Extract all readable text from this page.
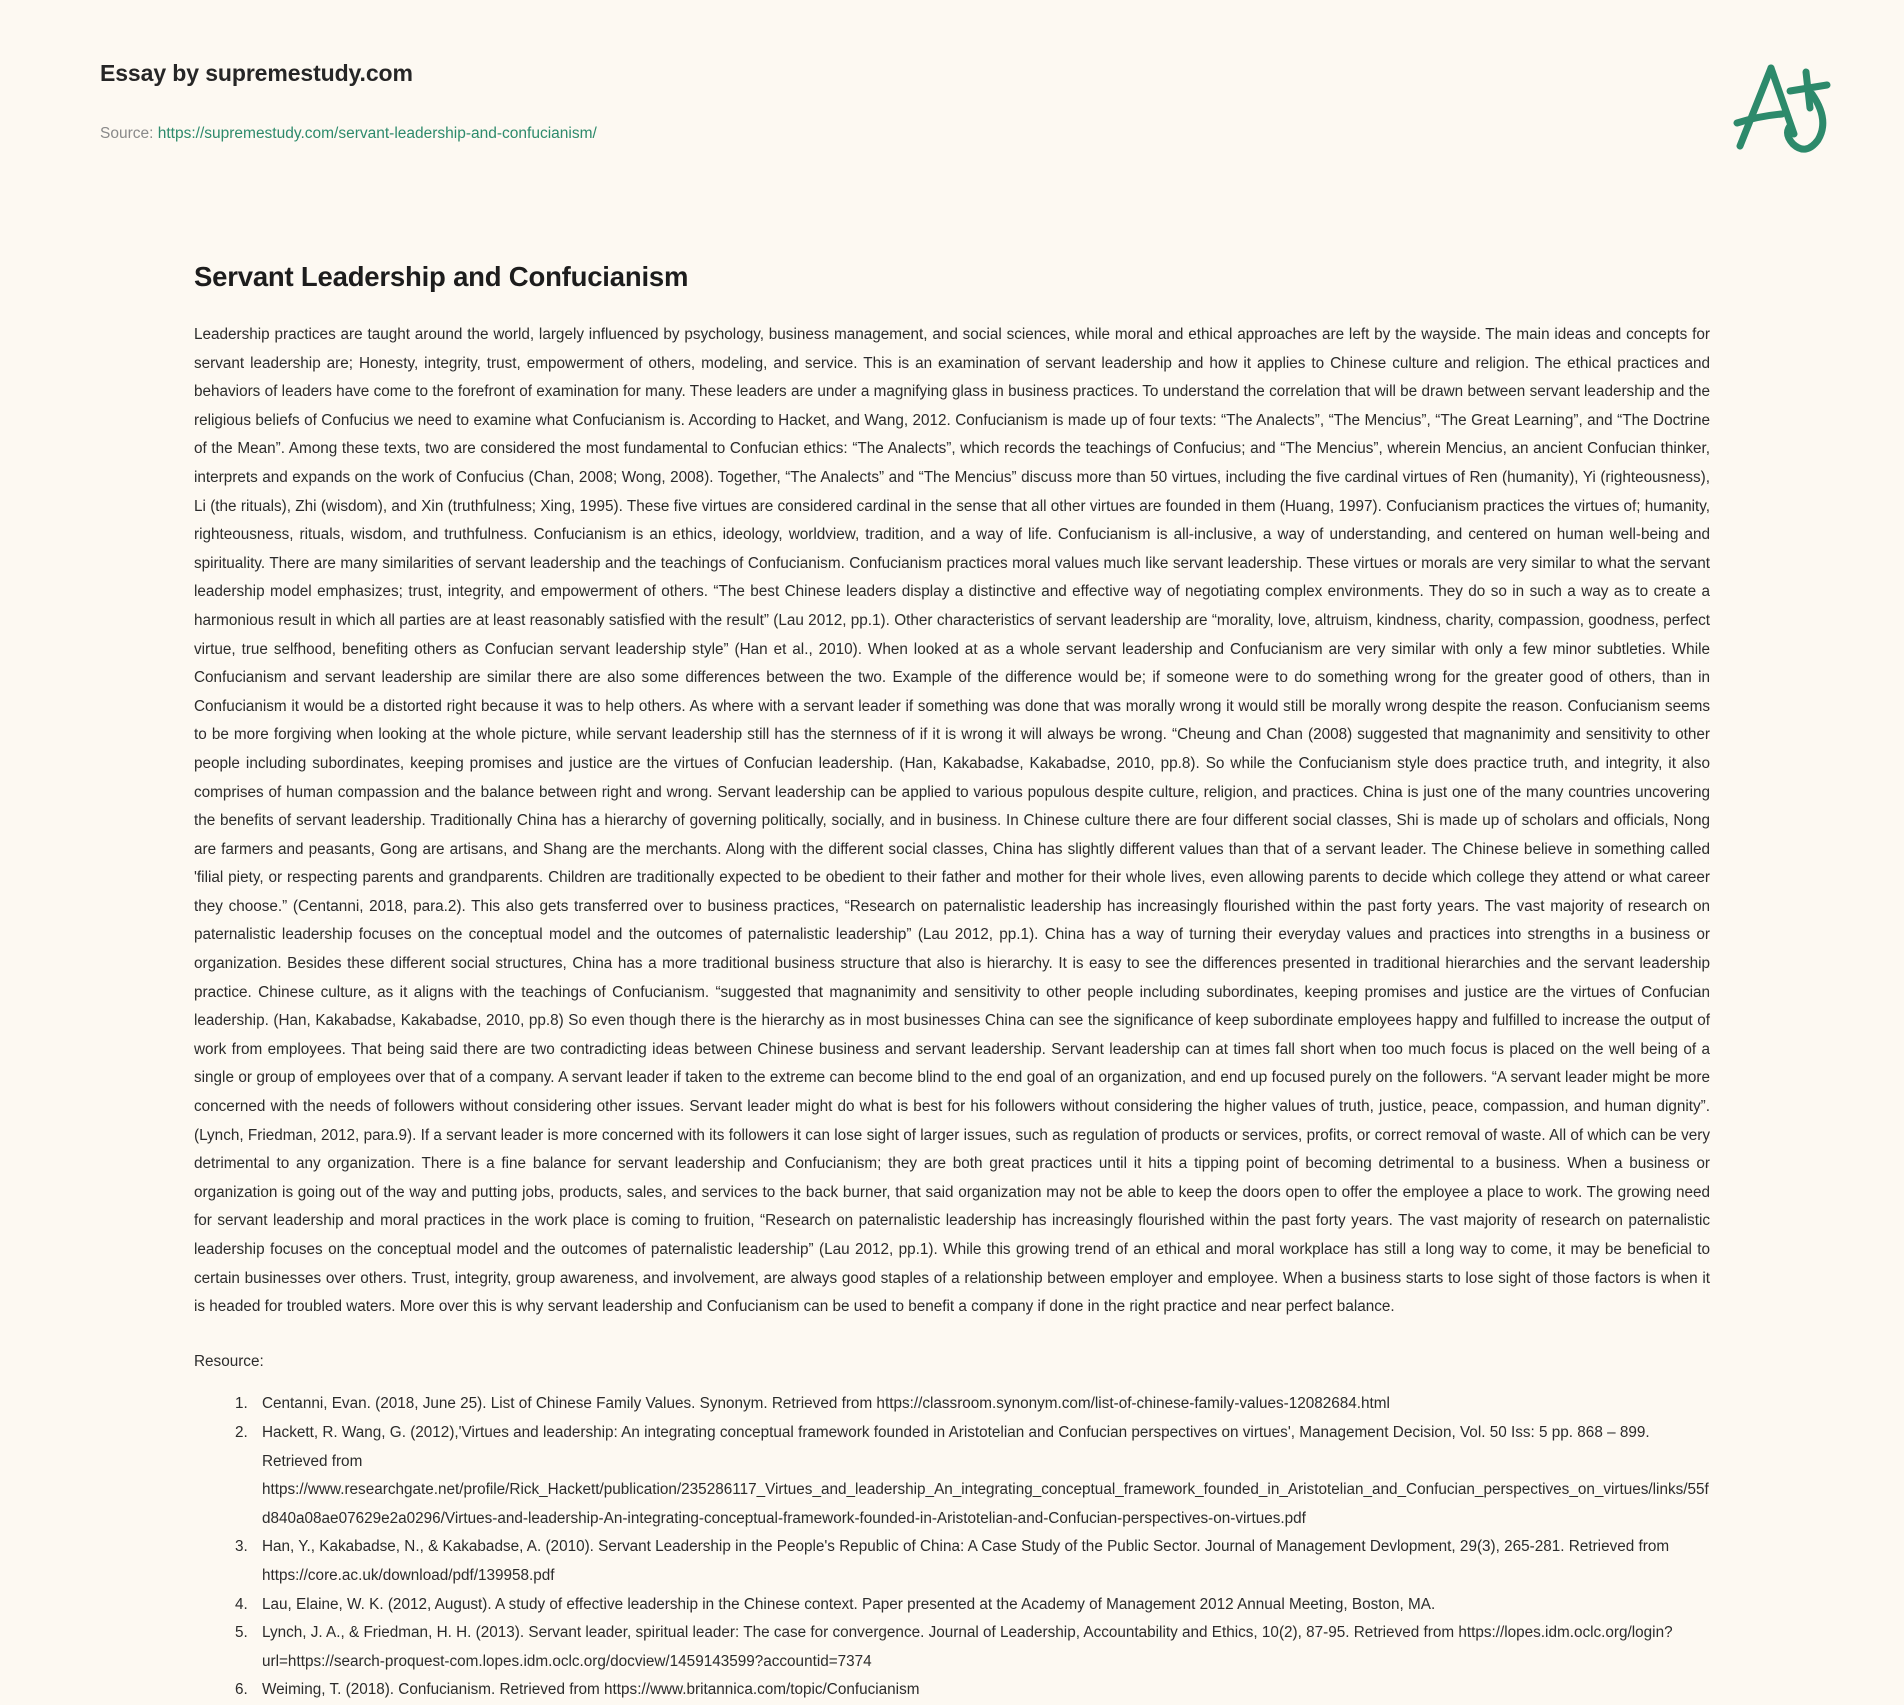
Essay by supremestudy.com
Source: https://supremestudy.com/servant-leadership-and-confucianism/
Servant Leadership and Confucianism

Leadership practices are taught around the world, largely influenced by psychology, business management, and social sciences, while moral and ethical approaches are left by the wayside. The main ideas and concepts for servant leadership are; Honesty, integrity, trust, empowerment of others, modeling, and service. This is an examination of servant leadership and how it applies to Chinese culture and religion. The ethical practices and behaviors of leaders have come to the forefront of examination for many. These leaders are under a magnifying glass in business practices. To understand the correlation that will be drawn between servant leadership and the religious beliefs of Confucius we need to examine what Confucianism is. According to Hacket, and Wang, 2012. Confucianism is made up of four texts: “The Analects”, “The Mencius”, “The Great Learning”, and “The Doctrine of the Mean”. Among these texts, two are considered the most fundamental to Confucian ethics: “The Analects”, which records the teachings of Confucius; and “The Mencius”, wherein Mencius, an ancient Confucian thinker, interprets and expands on the work of Confucius (Chan, 2008; Wong, 2008). Together, “The Analects” and “The Mencius” discuss more than 50 virtues, including the five cardinal virtues of Ren (humanity), Yi (righteousness), Li (the rituals), Zhi (wisdom), and Xin (truthfulness; Xing, 1995). These five virtues are considered cardinal in the sense that all other virtues are founded in them (Huang, 1997). Confucianism practices the virtues of; humanity, righteousness, rituals, wisdom, and truthfulness. Confucianism is an ethics, ideology, worldview, tradition, and a way of life. Confucianism is all-inclusive, a way of understanding, and centered on human well-being and spirituality. There are many similarities of servant leadership and the teachings of Confucianism. Confucianism practices moral values much like servant leadership. These virtues or morals are very similar to what the servant leadership model emphasizes; trust, integrity, and empowerment of others. “The best Chinese leaders display a distinctive and effective way of negotiating complex environments. They do so in such a way as to create a harmonious result in which all parties are at least reasonably satisfied with the result” (Lau 2012, pp.1). Other characteristics of servant leadership are “morality, love, altruism, kindness, charity, compassion, goodness, perfect virtue, true selfhood, benefiting others as Confucian servant leadership style” (Han et al., 2010). When looked at as a whole servant leadership and Confucianism are very similar with only a few minor subtleties. While Confucianism and servant leadership are similar there are also some differences between the two. Example of the difference would be; if someone were to do something wrong for the greater good of others, than in Confucianism it would be a distorted right because it was to help others. As where with a servant leader if something was done that was morally wrong it would still be morally wrong despite the reason. Confucianism seems to be more forgiving when looking at the whole picture, while servant leadership still has the sternness of if it is wrong it will always be wrong. “Cheung and Chan (2008) suggested that magnanimity and sensitivity to other people including subordinates, keeping promises and justice are the virtues of Confucian leadership. (Han, Kakabadse, Kakabadse, 2010, pp.8). So while the Confucianism style does practice truth, and integrity, it also comprises of human compassion and the balance between right and wrong. Servant leadership can be applied to various populous despite culture, religion, and practices. China is just one of the many countries uncovering the benefits of servant leadership. Traditionally China has a hierarchy of governing politically, socially, and in business. In Chinese culture there are four different social classes, Shi is made up of scholars and officials, Nong are farmers and peasants, Gong are artisans, and Shang are the merchants. Along with the different social classes, China has slightly different values than that of a servant leader. The Chinese believe in something called 'filial piety, or respecting parents and grandparents. Children are traditionally expected to be obedient to their father and mother for their whole lives, even allowing parents to decide which college they attend or what career they choose.” (Centanni, 2018, para.2). This also gets transferred over to business practices, “Research on paternalistic leadership has increasingly flourished within the past forty years. The vast majority of research on paternalistic leadership focuses on the conceptual model and the outcomes of paternalistic leadership” (Lau 2012, pp.1). China has a way of turning their everyday values and practices into strengths in a business or organization. Besides these different social structures, China has a more traditional business structure that also is hierarchy. It is easy to see the differences presented in traditional hierarchies and the servant leadership practice. Chinese culture, as it aligns with the teachings of Confucianism. “suggested that magnanimity and sensitivity to other people including subordinates, keeping promises and justice are the virtues of Confucian leadership. (Han, Kakabadse, Kakabadse, 2010, pp.8) So even though there is the hierarchy as in most businesses China can see the significance of keep subordinate employees happy and fulfilled to increase the output of work from employees. That being said there are two contradicting ideas between Chinese business and servant leadership. Servant leadership can at times fall short when too much focus is placed on the well being of a single or group of employees over that of a company. A servant leader if taken to the extreme can become blind to the end goal of an organization, and end up focused purely on the followers. “A servant leader might be more concerned with the needs of followers without considering other issues. Servant leader might do what is best for his followers without considering the higher values of truth, justice, peace, compassion, and human dignity”. (Lynch, Friedman, 2012, para.9). If a servant leader is more concerned with its followers it can lose sight of larger issues, such as regulation of products or services, profits, or correct removal of waste. All of which can be very detrimental to any organization. There is a fine balance for servant leadership and Confucianism; they are both great practices until it hits a tipping point of becoming detrimental to a business. When a business or organization is going out of the way and putting jobs, products, sales, and services to the back burner, that said organization may not be able to keep the doors open to offer the employee a place to work. The growing need for servant leadership and moral practices in the work place is coming to fruition, “Research on paternalistic leadership has increasingly flourished within the past forty years. The vast majority of research on paternalistic leadership focuses on the conceptual model and the outcomes of paternalistic leadership” (Lau 2012, pp.1). While this growing trend of an ethical and moral workplace has still a long way to come, it may be beneficial to certain businesses over others. Trust, integrity, group awareness, and involvement, are always good staples of a relationship between employer and employee. When a business starts to lose sight of those factors is when it is headed for troubled waters. More over this is why servant leadership and Confucianism can be used to benefit a company if done in the right practice and near perfect balance.

Resource:

1. Centanni, Evan. (2018, June 25). List of Chinese Family Values. Synonym. Retrieved from https://classroom.synonym.com/list-of-chinese-family-values-12082684.html
2. Hackett, R. Wang, G. (2012),'Virtues and leadership: An integrating conceptual framework founded in Aristotelian and Confucian perspectives on virtues', Management Decision, Vol. 50 Iss: 5 pp. 868 – 899. Retrieved from https://www.researchgate.net/profile/Rick_Hackett/publication/235286117_Virtues_and_leadership_An_integrating_conceptual_framework_founded_in_Aristotelian_and_Confucian_perspectives_on_virtues/links/55fd840a08ae07629e2a0296/Virtues-and-leadership-An-integrating-conceptual-framework-founded-in-Aristotelian-and-Confucian-perspectives-on-virtues.pdf
3. Han, Y., Kakabadse, N., & Kakabadse, A. (2010). Servant Leadership in the People's Republic of China: A Case Study of the Public Sector. Journal of Management Devlopment, 29(3), 265-281. Retrieved from https://core.ac.uk/download/pdf/139958.pdf
4. Lau, Elaine, W. K. (2012, August). A study of effective leadership in the Chinese context. Paper presented at the Academy of Management 2012 Annual Meeting, Boston, MA.
5. Lynch, J. A., & Friedman, H. H. (2013). Servant leader, spiritual leader: The case for convergence. Journal of Leadership, Accountability and Ethics, 10(2), 87-95. Retrieved from https://lopes.idm.oclc.org/login?url=https://search-proquest-com.lopes.idm.oclc.org/docview/1459143599?accountid=7374
6. Weiming, T. (2018). Confucianism. Retrieved from https://www.britannica.com/topic/Confucianism
